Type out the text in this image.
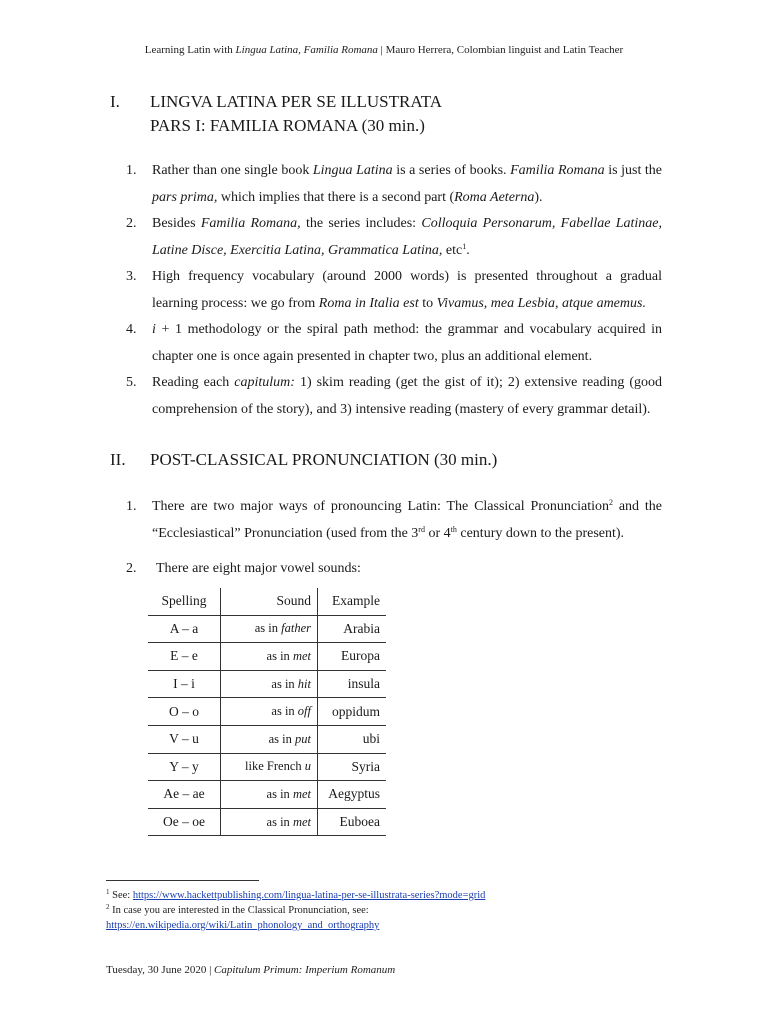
Learning Latin with Lingua Latina, Familia Romana | Mauro Herrera, Colombian linguist and Latin Teacher
I. LINGVA LATINA PER SE ILLUSTRATA
PARS I: FAMILIA ROMANA (30 min.)
1. Rather than one single book Lingua Latina is a series of books. Familia Romana is just the pars prima, which implies that there is a second part (Roma Aeterna).
2. Besides Familia Romana, the series includes: Colloquia Personarum, Fabellae Latinae, Latine Disce, Exercitia Latina, Grammatica Latina, etc$^1$.
3. High frequency vocabulary (around 2000 words) is presented throughout a gradual learning process: we go from Roma in Italia est to Vivamus, mea Lesbia, atque amemus.
4. i + 1 methodology or the spiral path method: the grammar and vocabulary acquired in chapter one is once again presented in chapter two, plus an additional element.
5. Reading each capitulum: 1) skim reading (get the gist of it); 2) extensive reading (good comprehension of the story), and 3) intensive reading (mastery of every grammar detail).
II. POST-CLASSICAL PRONUNCIATION (30 min.)
1. There are two major ways of pronouncing Latin: The Classical Pronunciation$^2$ and the “Ecclesiastical” Pronunciation (used from the 3rd or 4th century down to the present).
2. There are eight major vowel sounds:
Spelling	Sound	Example
A – a	as in father	Arabia
E – e	as in met	Europa
I – i	as in hit	insula
O – o	as in off	oppidum
V – u	as in put	ubi
Y – y	like French u	Syria
Ae – ae	as in met	Aegyptus
Oe – oe	as in met	Euboea
$^1$ See: https://www.hackettpublishing.com/lingua-latina-per-se-illustrata-series?mode=grid
$^2$ In case you are interested in the Classical Pronunciation, see:
https://en.wikipedia.org/wiki/Latin_phonology_and_orthography
Tuesday, 30 June 2020 | Capitulum Primum: Imperium Romanum
